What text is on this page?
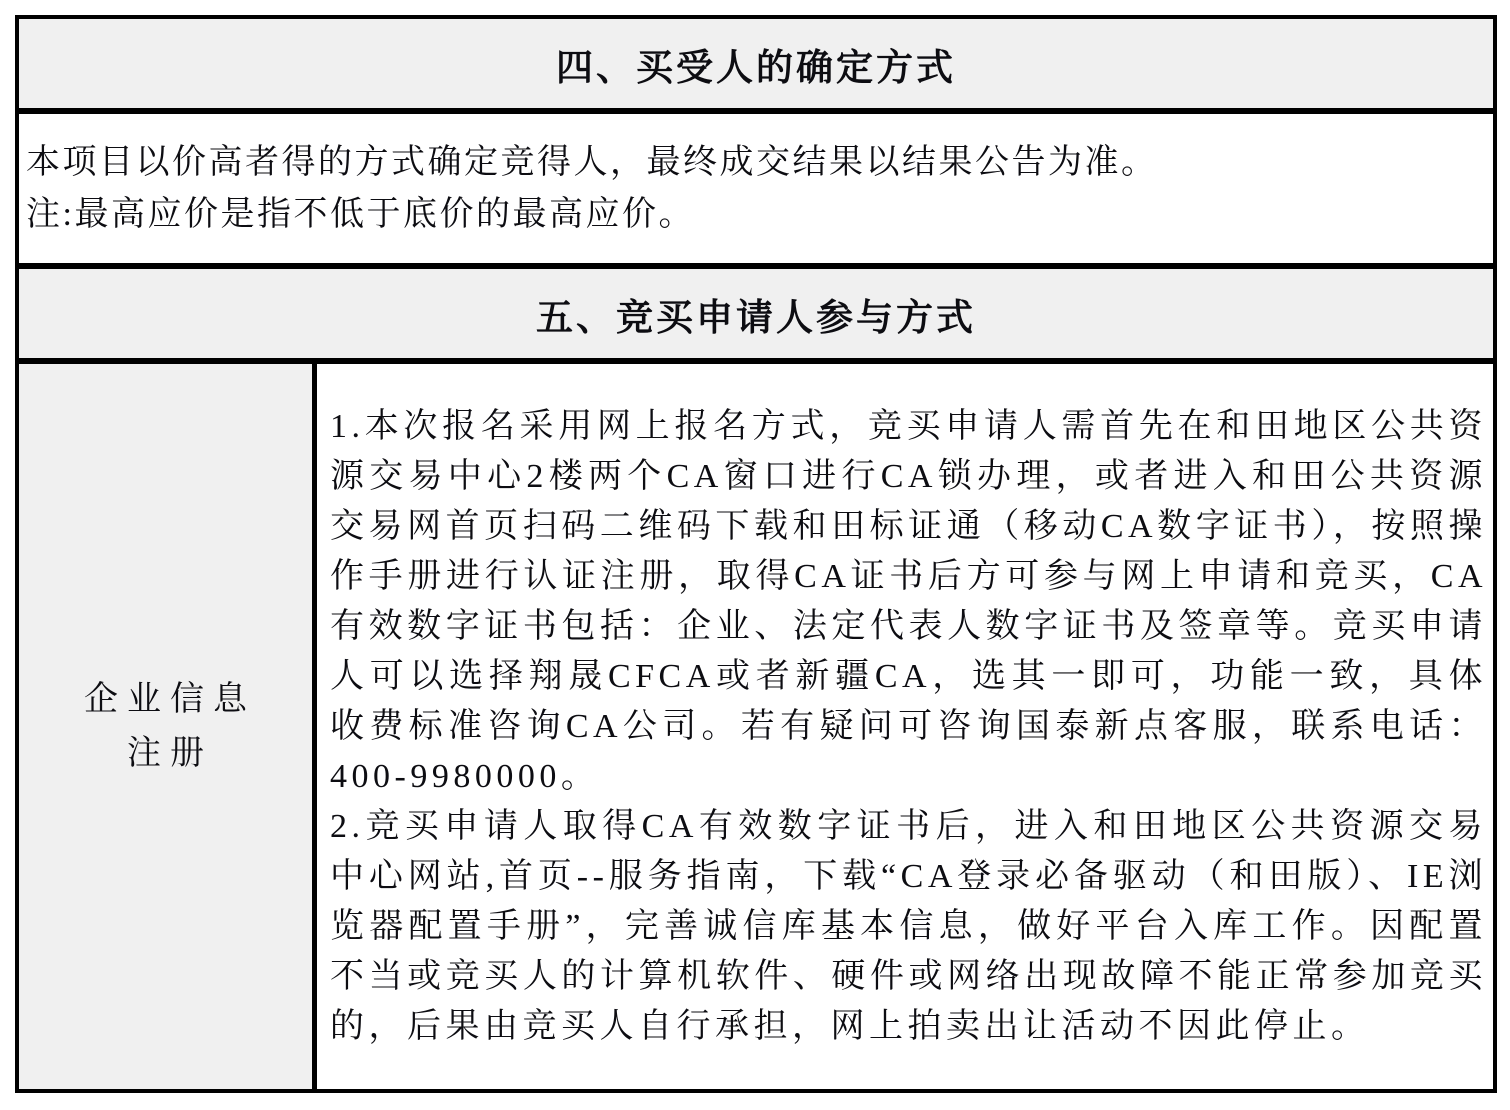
四、买受人的确定方式
本项目以价高者得的方式确定竞得人，最终成交结果以结果公告为准。
注:最高应价是指不低于底价的最高应价。
五、竞买申请人参与方式
企业信息
注册

1.本次报名采用网上报名方式，竞买申请人需首先在和田地区公共资源交易中心2楼两个CA窗口进行CA锁办理，或者进入和田公共资源交易网首页扫码二维码下载和田标证通（移动CA数字证书），按照操作手册进行认证注册，取得CA证书后方可参与网上申请和竞买，CA有效数字证书包括：企业、法定代表人数字证书及签章等。竞买申请人可以选择翔晟CFCA或者新疆CA，选其一即可，功能一致，具体收费标准咨询CA公司。若有疑问可咨询国泰新点客服，联系电话：400-9980000。

2.竞买申请人取得CA有效数字证书后，进入和田地区公共资源交易中心网站,首页--服务指南，下载“CA登录必备驱动（和田版）、IE浏览器配置手册”，完善诚信库基本信息，做好平台入库工作。因配置不当或竞买人的计算机软件、硬件或网络出现故障不能正常参加竞买的，后果由竞买人自行承担，网上拍卖出让活动不因此停止。
